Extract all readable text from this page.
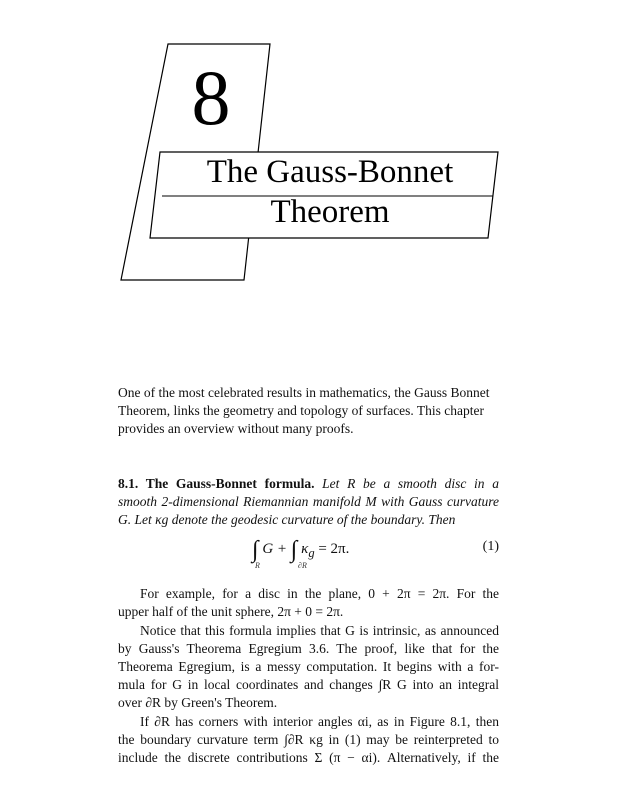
8
The Gauss-Bonnet
Theorem

One of the most celebrated results in mathematics, the Gauss Bonnet
Theorem, links the geometry and topology of surfaces. This chapter
provides an overview without many proofs.

8.1. The Gauss-Bonnet formula. Let R be a smooth disc in a
smooth 2-dimensional Riemannian manifold M with Gauss curvature
G. Let κg denote the geodesic curvature of the boundary. Then

∫ G + ∫ $\kappa_g = 2\pi$.
R	∂R
(1)

For example, for a disc in the plane, 0 + 2π = 2π. For the
upper half of the unit sphere, 2π + 0 = 2π.

Notice that this formula implies that G is intrinsic, as announced
by Gauss's Theorema Egregium 3.6. The proof, like that for the
Theorema Egregium, is a messy computation. It begins with a for-
mula for G in local coordinates and changes ∫R G into an integral
over ∂R by Green's Theorem.

If ∂R has corners with interior angles αi, as in Figure 8.1, then
the boundary curvature term ∫∂R κg in (1) may be reinterpreted to
include the discrete contributions Σ (π − αi). Alternatively, if the
